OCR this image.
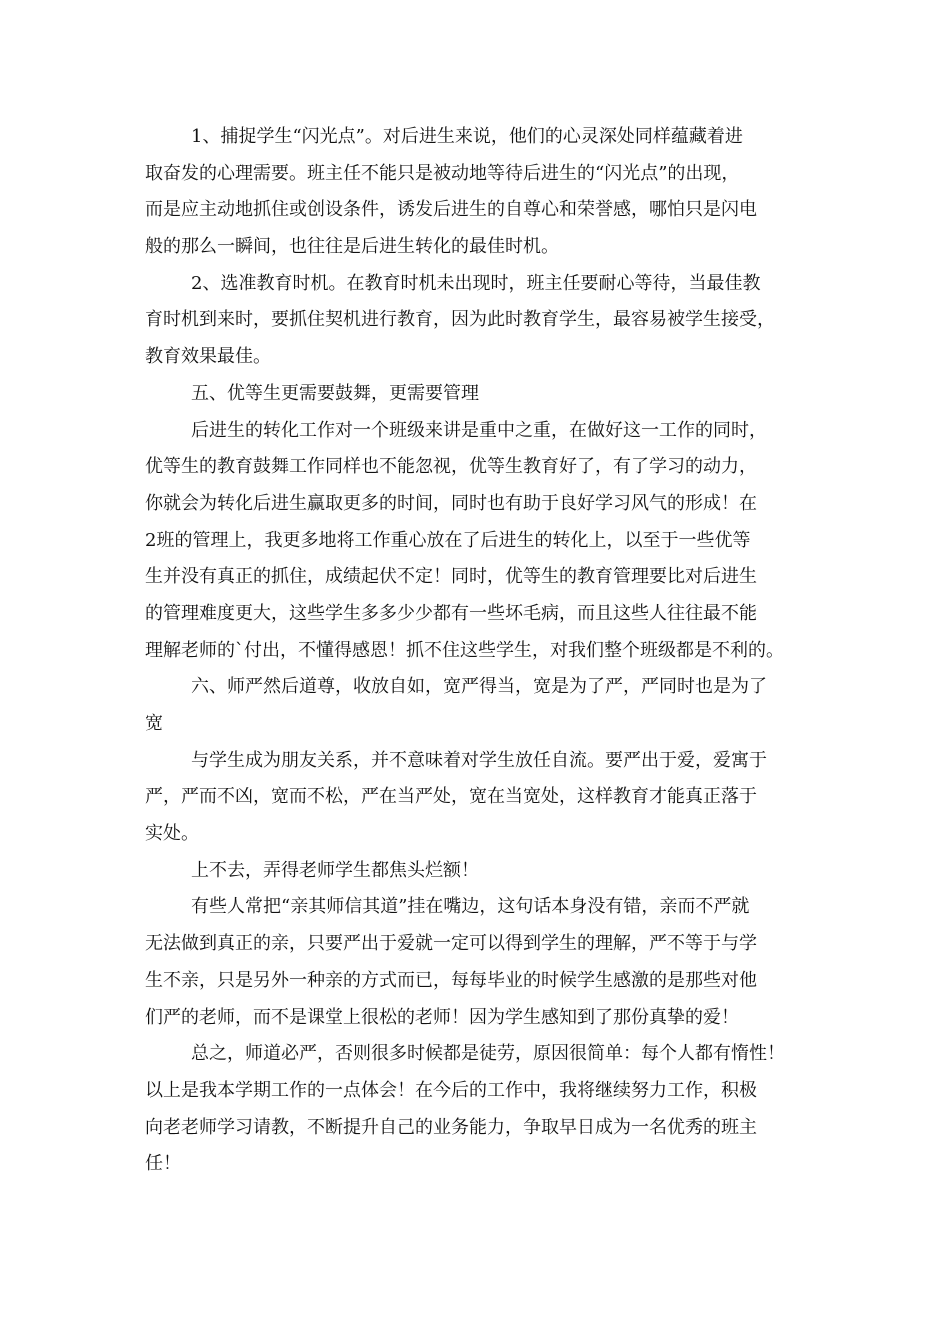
1、捕捉学生“闪光点”。对后进生来说，他们的心灵深处同样蕴藏着进
取奋发的心理需要。班主任不能只是被动地等待后进生的“闪光点”的出现，
而是应主动地抓住或创设条件，诱发后进生的自尊心和荣誉感，哪怕只是闪电
般的那么一瞬间，也往往是后进生转化的最佳时机。
2、选准教育时机。在教育时机未出现时，班主任要耐心等待，当最佳教
育时机到来时，要抓住契机进行教育，因为此时教育学生，最容易被学生接受，
教育效果最佳。
五、优等生更需要鼓舞，更需要管理
后进生的转化工作对一个班级来讲是重中之重，在做好这一工作的同时，
优等生的教育鼓舞工作同样也不能忽视，优等生教育好了，有了学习的动力，
你就会为转化后进生赢取更多的时间，同时也有助于良好学习风气的形成！在
2班的管理上，我更多地将工作重心放在了后进生的转化上，以至于一些优等
生并没有真正的抓住，成绩起伏不定！同时，优等生的教育管理要比对后进生
的管理难度更大，这些学生多多少少都有一些坏毛病，而且这些人往往最不能
理解老师的`付出，不懂得感恩！抓不住这些学生，对我们整个班级都是不利的。
六、师严然后道尊，收放自如，宽严得当，宽是为了严，严同时也是为了
宽
与学生成为朋友关系，并不意味着对学生放任自流。要严出于爱，爱寓于
严，严而不凶，宽而不松，严在当严处，宽在当宽处，这样教育才能真正落于
实处。
上不去，弄得老师学生都焦头烂额！
有些人常把“亲其师信其道”挂在嘴边，这句话本身没有错，亲而不严就
无法做到真正的亲，只要严出于爱就一定可以得到学生的理解，严不等于与学
生不亲，只是另外一种亲的方式而已，每每毕业的时候学生感激的是那些对他
们严的老师，而不是课堂上很松的老师！因为学生感知到了那份真挚的爱！
总之，师道必严，否则很多时候都是徒劳，原因很简单：每个人都有惰性！
以上是我本学期工作的一点体会！在今后的工作中，我将继续努力工作，积极
向老老师学习请教，不断提升自己的业务能力，争取早日成为一名优秀的班主
任！
